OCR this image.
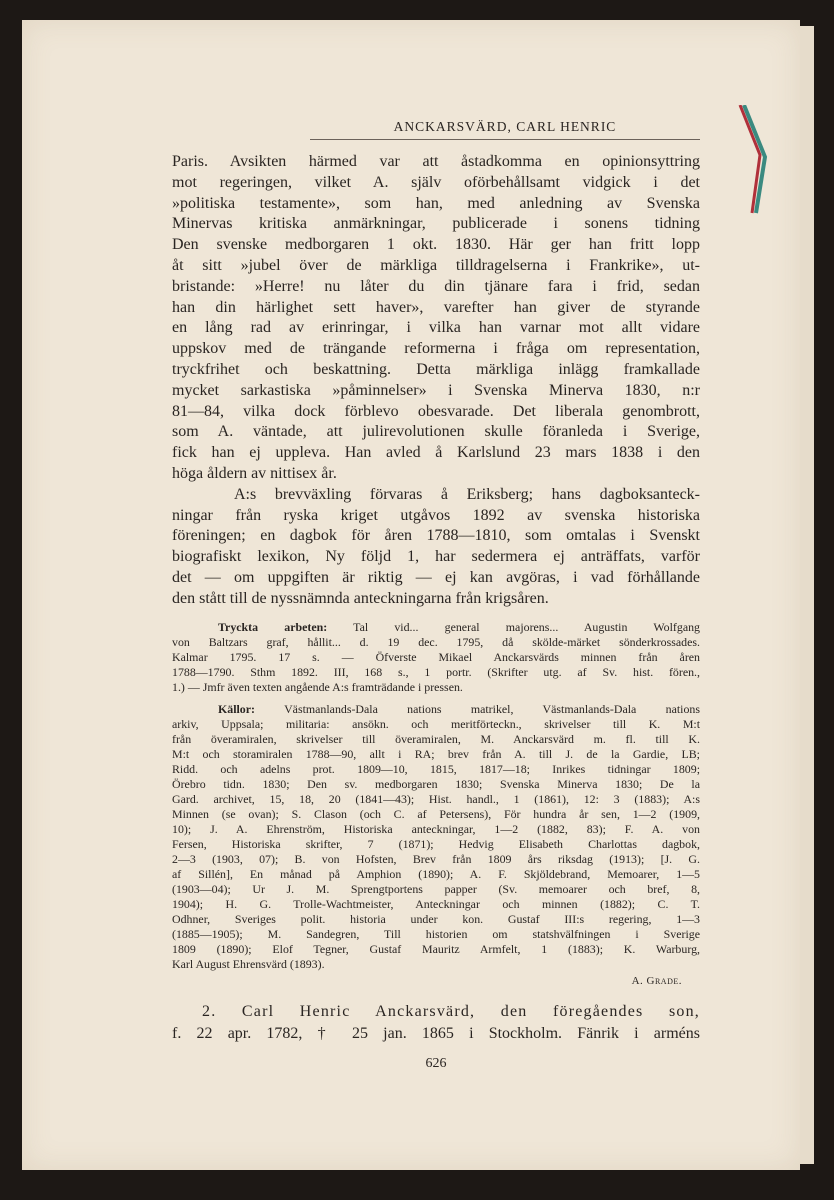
ANCKARSVÄRD, CARL HENRIC
Paris. Avsikten härmed var att åstadkomma en opinionsyttring
mot regeringen, vilket A. själv oförbehållsamt vidgick i det
»politiska testamente», som han, med anledning av Svenska
Minervas kritiska anmärkningar, publicerade i sonens tidning
Den svenske medborgaren 1 okt. 1830. Här ger han fritt lopp
åt sitt »jubel över de märkliga tilldragelserna i Frankrike», ut-
bristande: »Herre! nu låter du din tjänare fara i frid, sedan
han din härlighet sett haver», varefter han giver de styrande
en lång rad av erinringar, i vilka han varnar mot allt vidare
uppskov med de trängande reformerna i fråga om representation,
tryckfrihet och beskattning. Detta märkliga inlägg framkallade
mycket sarkastiska »påminnelser» i Svenska Minerva 1830, n:r
81—84, vilka dock förblevo obesvarade. Det liberala genombrott,
som A. väntade, att julirevolutionen skulle föranleda i Sverige,
fick han ej uppleva. Han avled å Karlslund 23 mars 1838 i den
höga åldern av nittisex år.
A:s brevväxling förvaras å Eriksberg; hans dagboksanteck-
ningar från ryska kriget utgåvos 1892 av svenska historiska
föreningen; en dagbok för åren 1788—1810, som omtalas i Svenskt
biografiskt lexikon, Ny följd 1, har sedermera ej anträffats, varför
det — om uppgiften är riktig — ej kan avgöras, i vad förhållande
den stått till de nyssnämnda anteckningarna från krigsåren.
Tryckta arbeten: Tal vid... general majorens... Augustin Wolfgang
von Baltzars graf, hållit... d. 19 dec. 1795, då skölde-märket sönderkrossades.
Kalmar 1795. 17 s. — Öfverste Mikael Anckarsvärds minnen från åren
1788—1790. Sthm 1892. III, 168 s., 1 portr. (Skrifter utg. af Sv. hist. fören.,
1.) — Jmfr även texten angående A:s framträdande i pressen.
Källor: Västmanlands-Dala nations matrikel, Västmanlands-Dala nations
arkiv, Uppsala; militaria: ansökn. och meritförteckn., skrivelser till K. M:t
från överamiralen, skrivelser till överamiralen, M. Anckarsvärd m. fl. till K.
M:t och storamiralen 1788—90, allt i RA; brev från A. till J. de la Gardie, LB;
Ridd. och adelns prot. 1809—10, 1815, 1817—18; Inrikes tidningar 1809;
Örebro tidn. 1830; Den sv. medborgaren 1830; Svenska Minerva 1830; De la
Gard. archivet, 15, 18, 20 (1841—43); Hist. handl., 1 (1861), 12: 3 (1883); A:s
Minnen (se ovan); S. Clason (och C. af Petersens), För hundra år sen, 1—2 (1909,
10); J. A. Ehrenström, Historiska anteckningar, 1—2 (1882, 83); F. A. von
Fersen, Historiska skrifter, 7 (1871); Hedvig Elisabeth Charlottas dagbok,
2—3 (1903, 07); B. von Hofsten, Brev från 1809 års riksdag (1913); [J. G.
af Sillén], En månad på Amphion (1890); A. F. Skjöldebrand, Memoarer, 1—5
(1903—04); Ur J. M. Sprengtportens papper (Sv. memoarer och bref, 8,
1904); H. G. Trolle-Wachtmeister, Anteckningar och minnen (1882); C. T.
Odhner, Sveriges polit. historia under kon. Gustaf III:s regering, 1—3
(1885—1905); M. Sandegren, Till historien om statshvälfningen i Sverige
1809 (1890); Elof Tegner, Gustaf Mauritz Armfelt, 1 (1883); K. Warburg,
Karl August Ehrensvärd (1893).
A. Grade.
2. Carl Henric Anckarsvärd, den föregåendes son,
f. 22 apr. 1782, † 25 jan. 1865 i Stockholm. Fänrik i arméns
626
